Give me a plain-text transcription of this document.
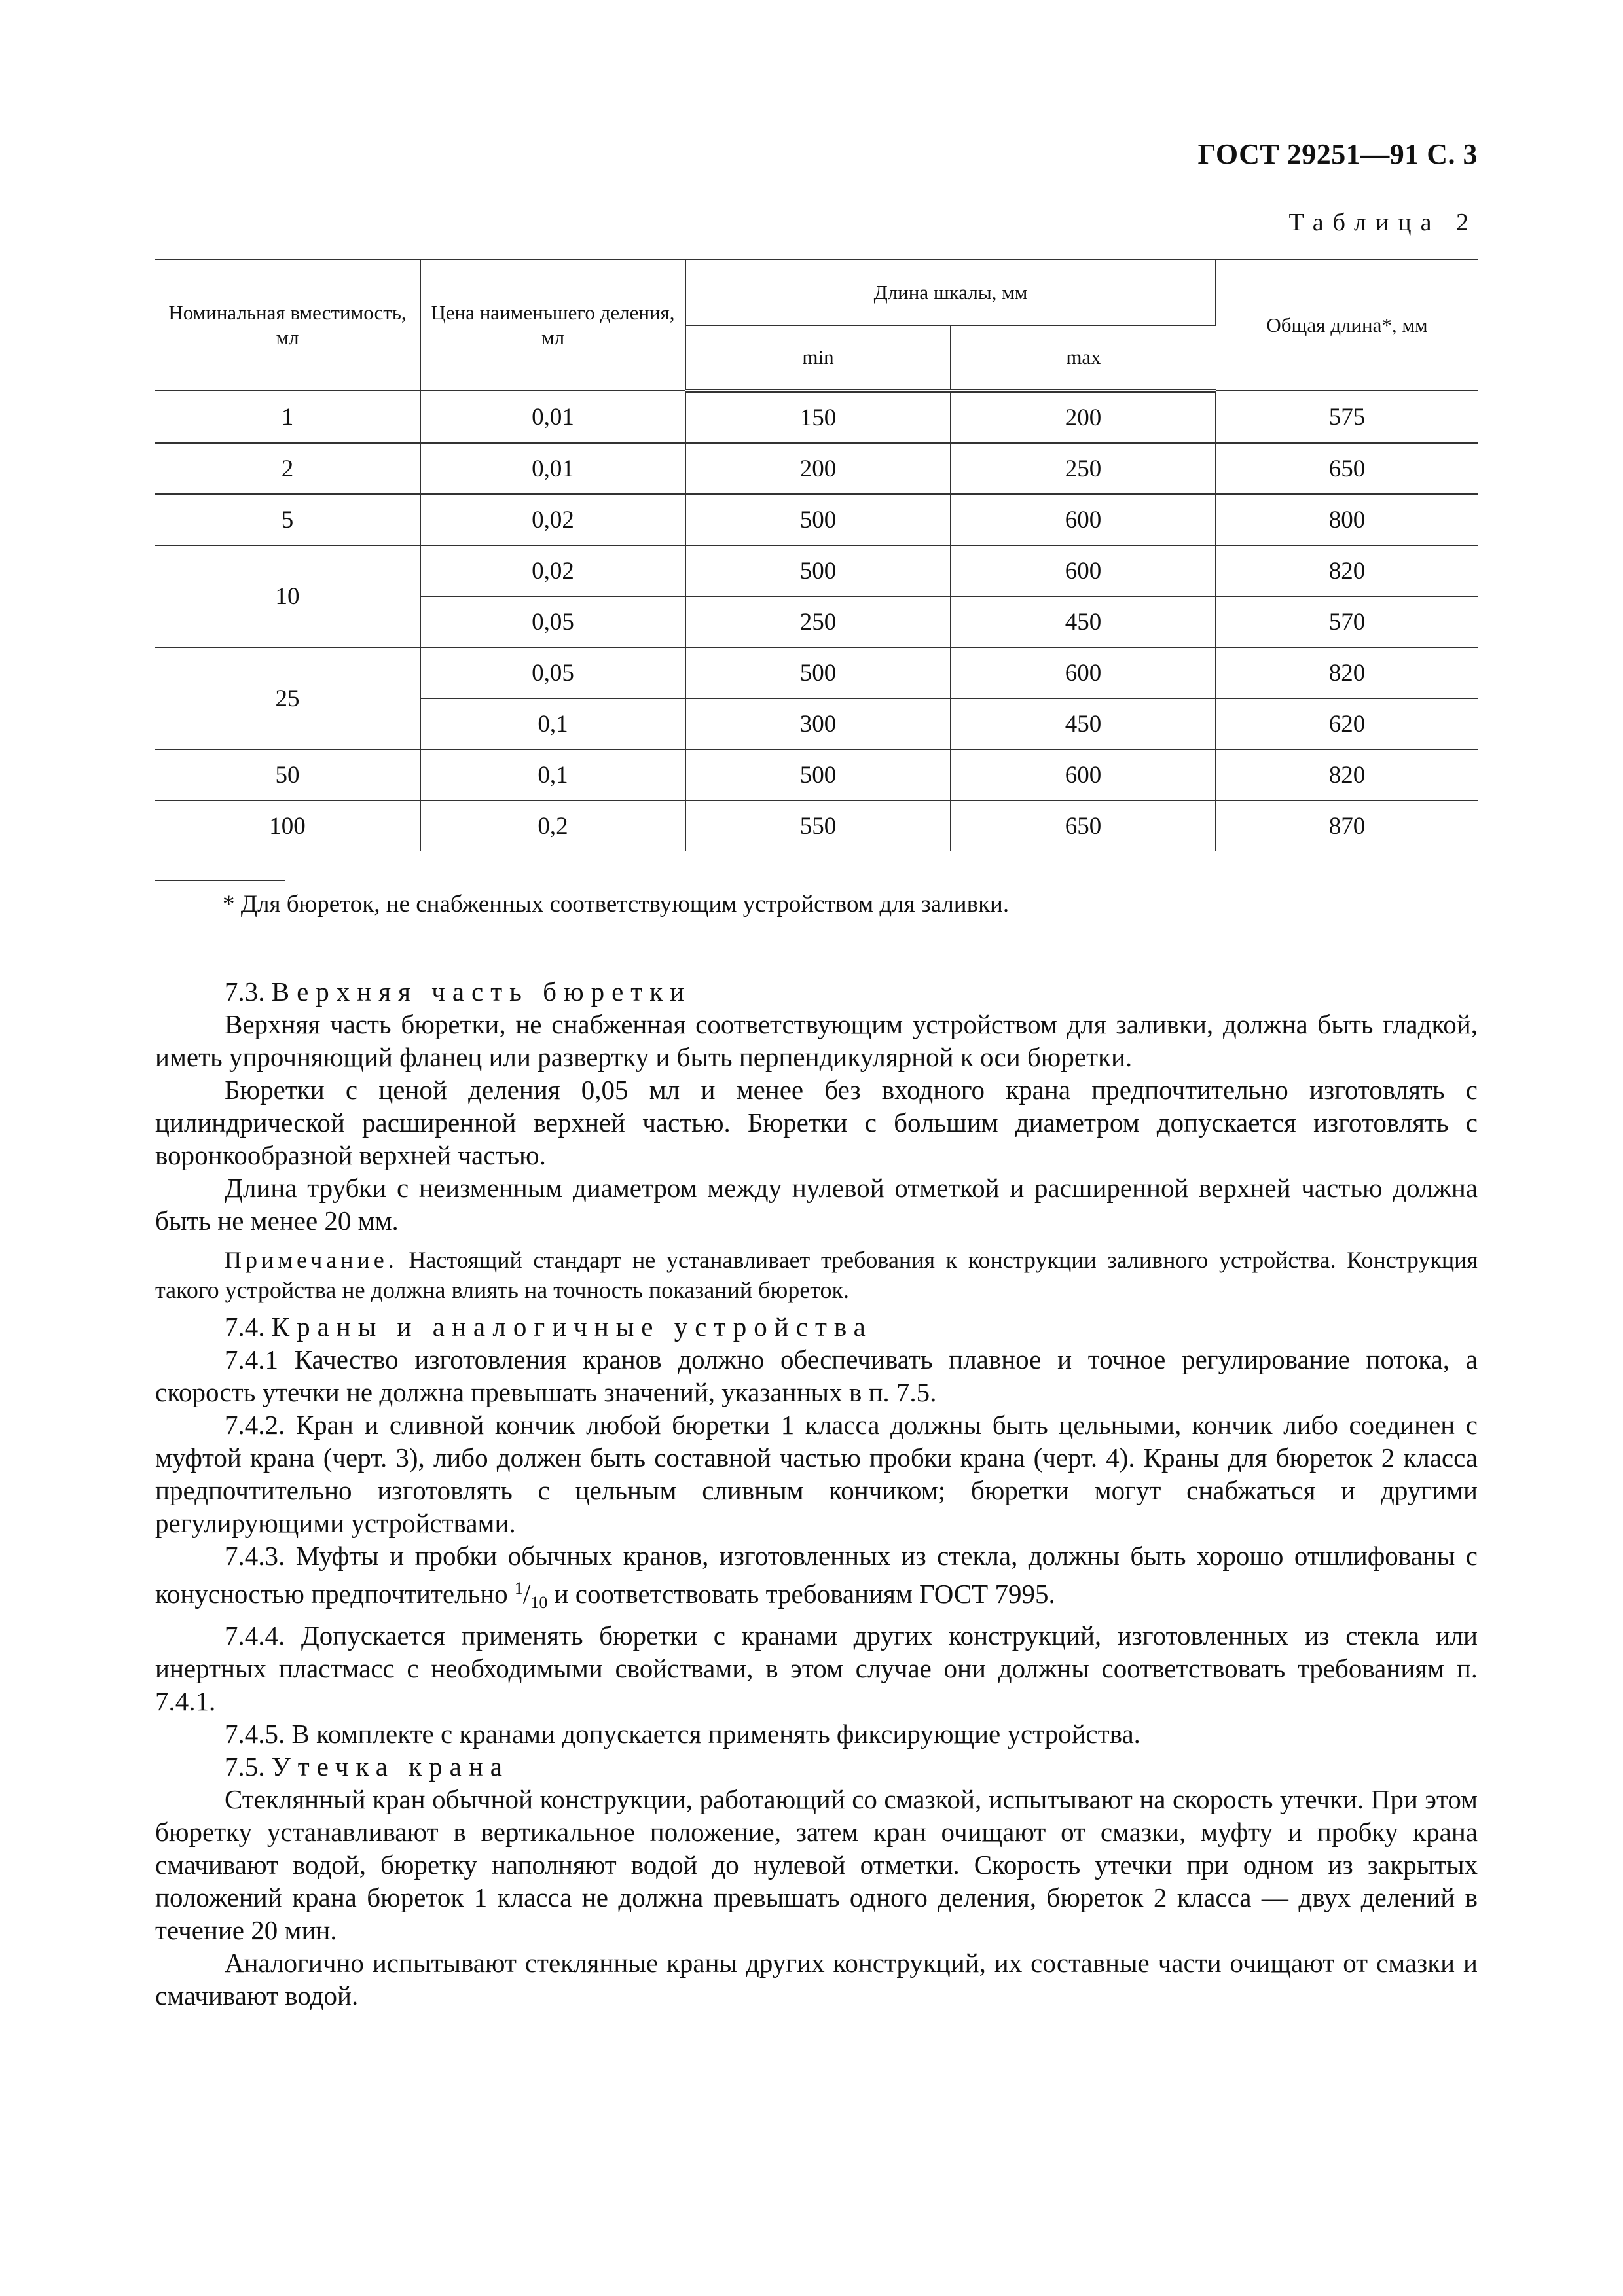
ГОСТ 29251—91 С. 3
Таблица 2
Номинальная вместимость, мл	Цена наименьшего деления, мл	Длина шкалы, мм		Общая длина*, мм
		min	max	
1	0,01	150	200	575
2	0,01	200	250	650
5	0,02	500	600	800
10	0,02	500	600	820
	0,05	250	450	570
25	0,05	500	600	820
	0,1	300	450	620
50	0,1	500	600	820
100	0,2	550	650	870
* Для бюреток, не снабженных соответствующим устройством для заливки.

7.3. Верхняя часть бюретки

Верхняя часть бюретки, не снабженная соответствующим устройством для заливки, должна быть гладкой, иметь упрочняющий фланец или развертку и быть перпендикулярной к оси бюретки.

Бюретки с ценой деления 0,05 мл и менее без входного крана предпочтительно изготовлять с цилиндрической расширенной верхней частью. Бюретки с большим диаметром допускается изготовлять с воронкообразной верхней частью.

Длина трубки с неизменным диаметром между нулевой отметкой и расширенной верхней частью должна быть не менее 20 мм.

Примечание. Настоящий стандарт не устанавливает требования к конструкции заливного устройства. Конструкция такого устройства не должна влиять на точность показаний бюреток.

7.4. Краны и аналогичные устройства

7.4.1 Качество изготовления кранов должно обеспечивать плавное и точное регулирование потока, а скорость утечки не должна превышать значений, указанных в п. 7.5.

7.4.2. Кран и сливной кончик любой бюретки 1 класса должны быть цельными, кончик либо соединен с муфтой крана (черт. 3), либо должен быть составной частью пробки крана (черт. 4). Краны для бюреток 2 класса предпочтительно изготовлять с цельным сливным кончиком; бюретки могут снабжаться и другими регулирующими устройствами.

7.4.3. Муфты и пробки обычных кранов, изготовленных из стекла, должны быть хорошо отшлифованы с конусностью предпочтительно $^1/_{10}$ и соответствовать требованиям ГОСТ 7995.

7.4.4. Допускается применять бюретки с кранами других конструкций, изготовленных из стекла или инертных пластмасс с необходимыми свойствами, в этом случае они должны соответствовать требованиям п. 7.4.1.

7.4.5. В комплекте с кранами допускается применять фиксирующие устройства.

7.5. Утечка крана

Стеклянный кран обычной конструкции, работающий со смазкой, испытывают на скорость утечки. При этом бюретку устанавливают в вертикальное положение, затем кран очищают от смазки, муфту и пробку крана смачивают водой, бюретку наполняют водой до нулевой отметки. Скорость утечки при одном из закрытых положений крана бюреток 1 класса не должна превышать одного деления, бюреток 2 класса — двух делений в течение 20 мин.

Аналогично испытывают стеклянные краны других конструкций, их составные части очищают от смазки и смачивают водой.
